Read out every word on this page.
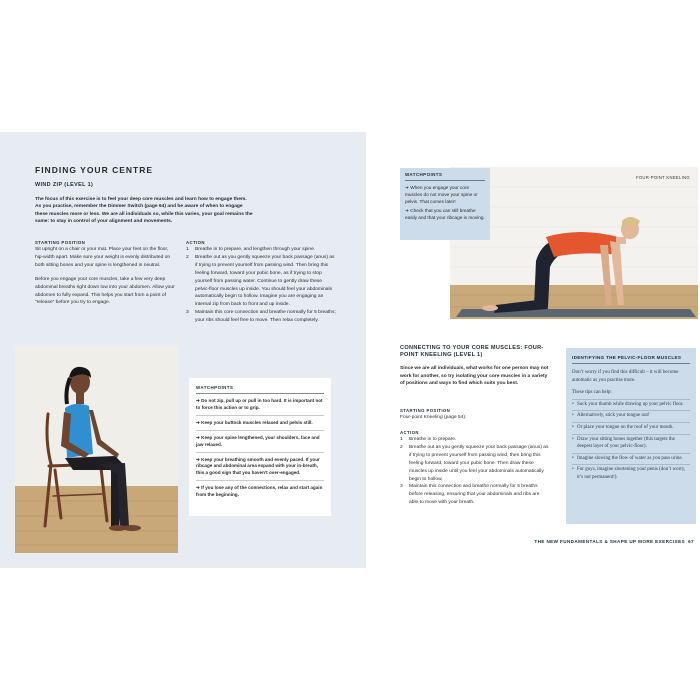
FINDING YOUR CENTRE
WIND ZIP (LEVEL 1)
The focus of this exercise is to feel your deep core muscles and learn how to engage them. As you practise, remember the Dimmer Switch (page 64) and be aware of when to engage these muscles more or less. We are all individuals so, while this varies, your goal remains the same: to stay in control of your alignment and movements.
STARTING POSITION

Sit upright on a chair or your mat. Place your feet on the floor, hip-width apart. Make sure your weight is evenly distributed on both sitting bones and your spine is lengthened in neutral.

Before you engage your core muscles, take a few very deep abdominal breaths right down low into your abdomen. Allow your abdomen to fully expand. This helps you start from a point of “release” before you try to engage.

ACTION
1 Breathe in to prepare, and lengthen through your spine.
2 Breathe out as you gently squeeze your back passage (anus) as if trying to prevent yourself from passing wind. Then bring this feeling forward, toward your pubic bone, as if trying to stop yourself from passing water. Continue to gently draw these pelvic-floor muscles up inside. You should feel your abdominals automatically begin to hollow. Imagine you are engaging an internal zip from back to front and up inside.
3 Maintain this core connection and breathe normally for 5 breaths; your ribs should feel free to move. Then relax completely.
WATCHPOINTS
➔ Do not zip, pull up or pull in too hard. It is important not to force this action or to grip.
➔ Keep your buttock muscles relaxed and pelvis still.
➔ Keep your spine lengthened, your shoulders, face and jaw relaxed.
➔ Keep your breathing smooth and evenly paced. If your ribcage and abdominal area expand with your in-breath, this a good sign that you haven’t over-engaged.
➔ If you lose any of the connections, relax and start again from the beginning.
FOUR-POINT KNEELING
WATCHPOINTS
➔ When you engage your core muscles do not move your spine or pelvis. That comes later!
➔ Check that you can still breathe easily and that your ribcage is moving.
CONNECTING TO YOUR CORE MUSCLES: FOUR-POINT KNEELING (LEVEL 1)
Since we are all individuals, what works for one person may not work for another, so try isolating your core muscles in a variety of positions and ways to find which suits you best.
STARTING POSITION

Four-point Kneeling (page 54).

ACTION
1 Breathe in to prepare.
2 Breathe out as you gently squeeze your back passage (anus) as if trying to prevent yourself from passing wind, then bring this feeling forward, toward your pubic bone. Then draw these muscles up inside until you feel your abdominals automatically begin to hollow.
3 Maintain this connection and breathe normally for 5 breaths before releasing, ensuring that your abdominals and ribs are able to move with your breath.
IDENTIFYING THE PELVIC-FLOOR MUSCLES

Don’t worry if you find this difficult – it will become automatic as you practise more.

These tips can help:

• Suck your thumb while drawing up your pelvic floor.
• Alternatively, stick your tongue out!
• Or place your tongue on the roof of your mouth.
• Draw your sitting bones together (this targets the deepest layer of your pelvic-floor).
• Imagine slowing the flow of water as you pass urine.
• For guys, imagine shortening your penis (don’t worry, it’s not permanent!).
THE NEW FUNDAMENTALS & SHAPE UP MORE EXERCISES 67
